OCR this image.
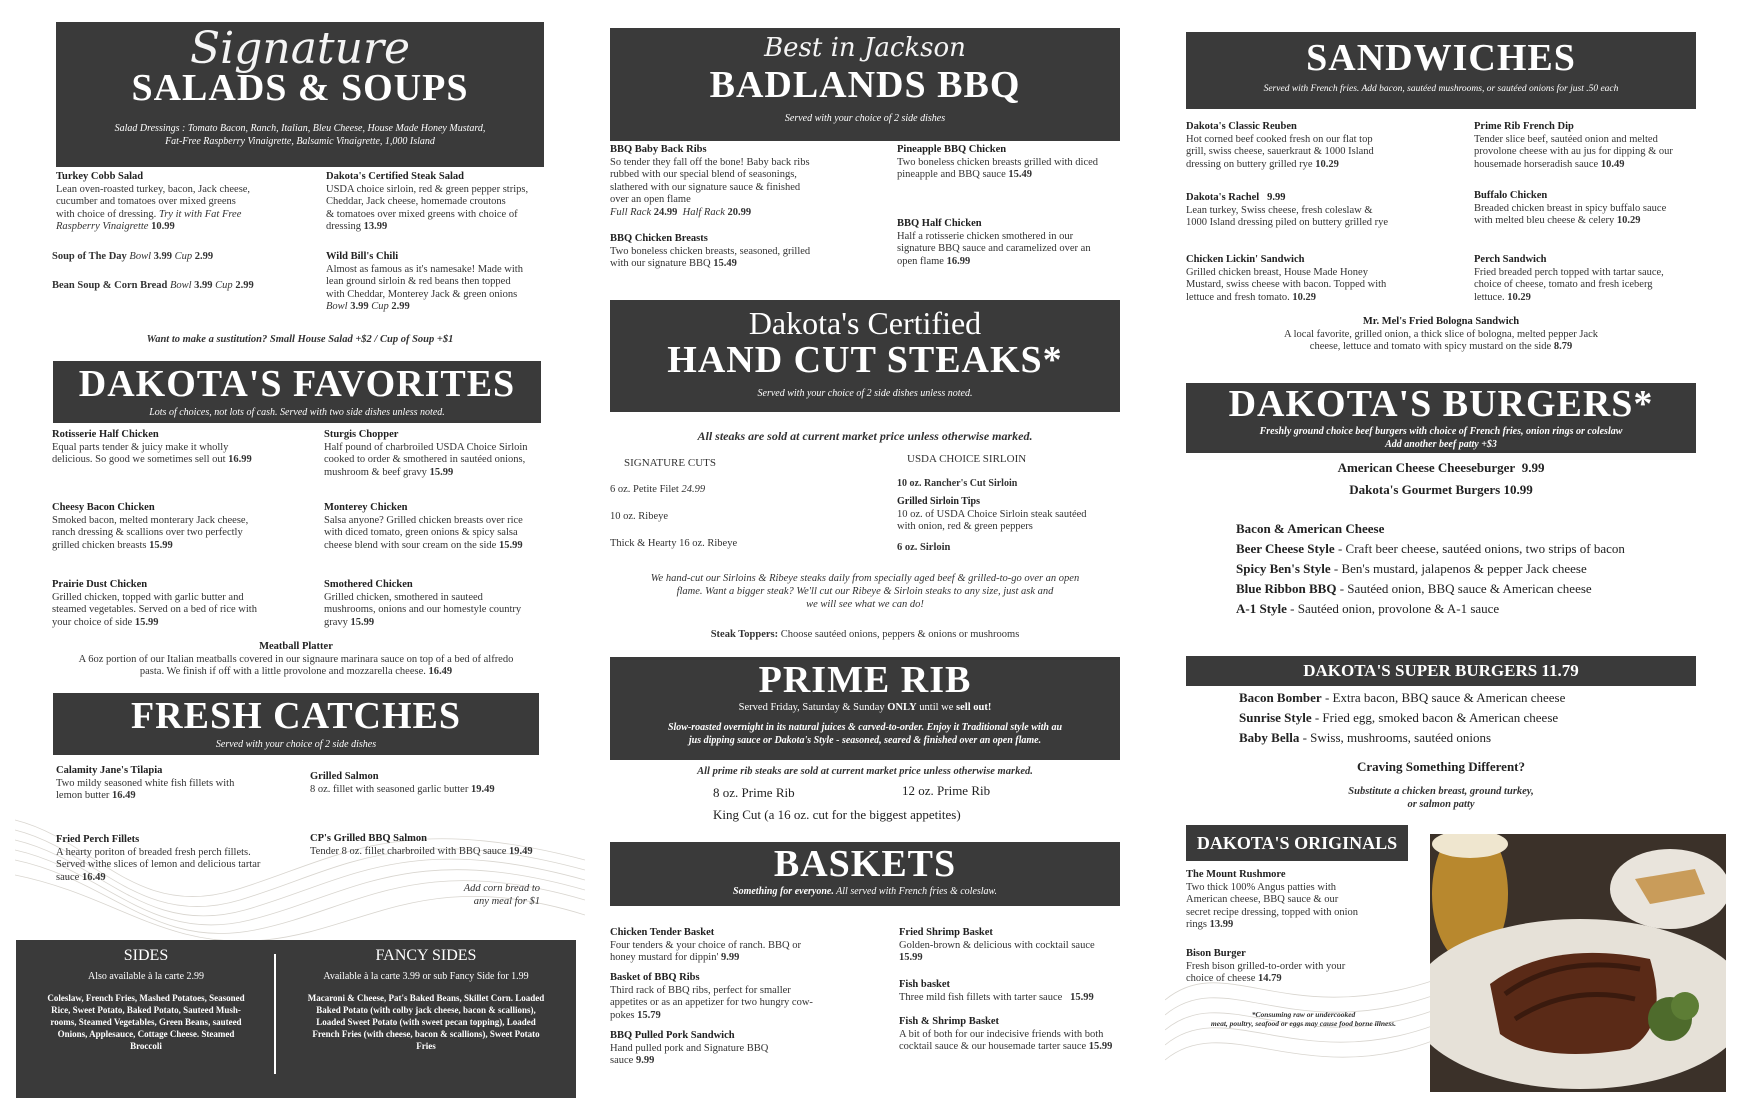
Signature
SALADS & SOUPS
Salad Dressings : Tomato Bacon, Ranch, Italian, Bleu Cheese, House Made Honey Mustard,
Fat-Free Raspberry Vinaigrette, Balsamic Vinaigrette, 1,000 Island
Turkey Cobb Salad
Lean oven-roasted turkey, bacon, Jack cheese,
cucumber and tomatoes over mixed greens
with choice of dressing. Try it with Fat Free
Raspberry Vinaigrette 10.99
Dakota's Certified Steak Salad
USDA choice sirloin, red & green pepper strips,
Cheddar, Jack cheese, homemade croutons
& tomatoes over mixed greens with choice of
dressing 13.99
Soup of The Day Bowl 3.99 Cup 2.99
Bean Soup & Corn Bread Bowl 3.99 Cup 2.99
Wild Bill's Chili
Almost as famous as it's namesake! Made with
lean ground sirloin & red beans then topped
with Cheddar, Monterey Jack & green onions
Bowl 3.99 Cup 2.99
Want to make a sustitution? Small House Salad +$2 / Cup of Soup +$1
DAKOTA'S FAVORITES
Lots of choices, not lots of cash. Served with two side dishes unless noted.
Rotisserie Half Chicken
Equal parts tender & juicy make it wholly
delicious. So good we sometimes sell out 16.99
Sturgis Chopper
Half pound of charbroiled USDA Choice Sirloin
cooked to order & smothered in sautéed onions,
mushroom & beef gravy 15.99
Cheesy Bacon Chicken
Smoked bacon, melted monterary Jack cheese,
ranch dressing & scallions over two perfectly
grilled chicken breasts 15.99
Monterey Chicken
Salsa anyone? Grilled chicken breasts over rice
with diced tomato, green onions & spicy salsa
cheese blend with sour cream on the side 15.99
Prairie Dust Chicken
Grilled chicken, topped with garlic butter and
steamed vegetables. Served on a bed of rice with
your choice of side 15.99
Smothered Chicken
Grilled chicken, smothered in sauteed
mushrooms, onions and our homestyle country
gravy 15.99
Meatball Platter
A 6oz portion of our Italian meatballs covered in our signaure marinara sauce on top of a bed of alfredo
pasta. We finish if off with a little provolone and mozzarella cheese. 16.49
FRESH CATCHES
Served with your choice of 2 side dishes
Calamity Jane's Tilapia
Two mildy seasoned white fish fillets with
lemon butter 16.49
Grilled Salmon
8 oz. fillet with seasoned garlic butter 19.49
Fried Perch Fillets
A hearty poriton of breaded fresh perch fillets.
Served withe slices of lemon and delicious tartar
sauce 16.49
CP's Grilled BBQ Salmon
Tender 8 oz. fillet charbroiled with BBQ sauce 19.49
Add corn bread to
any meal for $1
SIDES
Also available à la carte 2.99
Coleslaw, French Fries, Mashed Potatoes, Seasoned
Rice, Sweet Potato, Baked Potato, Sauteed Mush-
rooms, Steamed Vegetables, Green Beans, sauteed
Onions, Applesauce, Cottage Cheese. Steamed
Broccoli
FANCY SIDES
Available à la carte 3.99 or sub Fancy Side for 1.99
Macaroni & Cheese, Pat's Baked Beans, Skillet Corn. Loaded
Baked Potato (with colby jack cheese, bacon & scallions),
Loaded Sweet Potato (with sweet pecan topping), Loaded
French Fries (with cheese, bacon & scallions), Sweet Potato
Fries
Best in Jackson
BADLANDS BBQ
Served with your choice of 2 side dishes
BBQ Baby Back Ribs
So tender they fall off the bone! Baby back ribs
rubbed with our special blend of seasonings,
slathered with our signature sauce & finished
over an open flame
Full Rack 24.99 Half Rack 20.99
Pineapple BBQ Chicken
Two boneless chicken breasts grilled with diced
pineapple and BBQ sauce 15.49
BBQ Chicken Breasts
Two boneless chicken breasts, seasoned, grilled
with our signature BBQ 15.49
BBQ Half Chicken
Half a rotisserie chicken smothered in our
signature BBQ sauce and caramelized over an
open flame 16.99
Dakota's Certified
HAND CUT STEAKS*
Served with your choice of 2 side dishes unless noted.
All steaks are sold at current market price unless otherwise marked.
SIGNATURE CUTS
6 oz. Petite Filet 24.99
10 oz. Ribeye
Thick & Hearty 16 oz. Ribeye
USDA CHOICE SIRLOIN
10 oz. Rancher's Cut Sirloin
Grilled Sirloin Tips
10 oz. of USDA Choice Sirloin steak sautéed
with onion, red & green peppers
6 oz. Sirloin
We hand-cut our Sirloins & Ribeye steaks daily from specially aged beef & grilled-to-go over an open
flame. Want a bigger steak? We'll cut our Ribeye & Sirloin steaks to any size, just ask and
we will see what we can do!
Steak Toppers: Choose sautéed onions, peppers & onions or mushrooms
PRIME RIB
Served Friday, Saturday & Sunday ONLY until we sell out!
Slow-roasted overnight in its natural juices & carved-to-order. Enjoy it Traditional style with au
jus dipping sauce or Dakota's Style - seasoned, seared & finished over an open flame.
All prime rib steaks are sold at current market price unless otherwise marked.
8 oz. Prime Rib	12 oz. Prime Rib
King Cut (a 16 oz. cut for the biggest appetites)
BASKETS
Something for everyone. All served with French fries & coleslaw.
Chicken Tender Basket
Four tenders & your choice of ranch. BBQ or
honey mustard for dippin' 9.99
Basket of BBQ Ribs
Third rack of BBQ ribs, perfect for smaller
appetites or as an appetizer for two hungry cow-
pokes 15.79
BBQ Pulled Pork Sandwich
Hand pulled pork and Signature BBQ
sauce 9.99
Fried Shrimp Basket
Golden-brown & delicious with cocktail sauce
15.99
Fish basket
Three mild fish fillets with tarter sauce 15.99
Fish & Shrimp Basket
A bit of both for our indecisive friends with both
cocktail sauce & our housemade tarter sauce 15.99
SANDWICHES
Served with French fries. Add bacon, sautéed mushrooms, or sautéed onions for just .50 each
Dakota's Classic Reuben
Hot corned beef cooked fresh on our flat top
grill, swiss cheese, sauerkraut & 1000 Island
dressing on buttery grilled rye 10.29
Prime Rib French Dip
Tender slice beef, sautéed onion and melted
provolone cheese with au jus for dipping & our
housemade horseradish sauce 10.49
Dakota's Rachel 9.99
Lean turkey, Swiss cheese, fresh coleslaw &
1000 Island dressing piled on buttery grilled rye
Buffalo Chicken
Breaded chicken breast in spicy buffalo sauce
with melted bleu cheese & celery 10.29
Chicken Lickin' Sandwich
Grilled chicken breast, House Made Honey
Mustard, swiss cheese with bacon. Topped with
lettuce and fresh tomato. 10.29
Perch Sandwich
Fried breaded perch topped with tartar sauce,
choice of cheese, tomato and fresh iceberg
lettuce. 10.29
Mr. Mel's Fried Bologna Sandwich
A local favorite, grilled onion, a thick slice of bologna, melted pepper Jack
cheese, lettuce and tomato with spicy mustard on the side 8.79
DAKOTA'S BURGERS*
Freshly ground choice beef burgers with choice of French fries, onion rings or coleslaw
Add another beef patty +$3
American Cheese Cheeseburger 9.99
Dakota's Gourmet Burgers 10.99
Bacon & American Cheese
Beer Cheese Style - Craft beer cheese, sautéed onions, two strips of bacon
Spicy Ben's Style - Ben's mustard, jalapenos & pepper Jack cheese
Blue Ribbon BBQ - Sautéed onion, BBQ sauce & American cheese
A-1 Style - Sautéed onion, provolone & A-1 sauce
DAKOTA'S SUPER BURGERS 11.79
Bacon Bomber - Extra bacon, BBQ sauce & American cheese
Sunrise Style - Fried egg, smoked bacon & American cheese
Baby Bella - Swiss, mushrooms, sautéed onions
Craving Something Different?
Substitute a chicken breast, ground turkey,
or salmon patty
DAKOTA'S ORIGINALS
The Mount Rushmore
Two thick 100% Angus patties with
American cheese, BBQ sauce & our
secret recipe dressing, topped with onion
rings 13.99
Bison Burger
Fresh bison grilled-to-order with your
choice of cheese 14.79
*Consuming raw or undercooked
meat, poultry, seafood or eggs may cause food borne illness.
